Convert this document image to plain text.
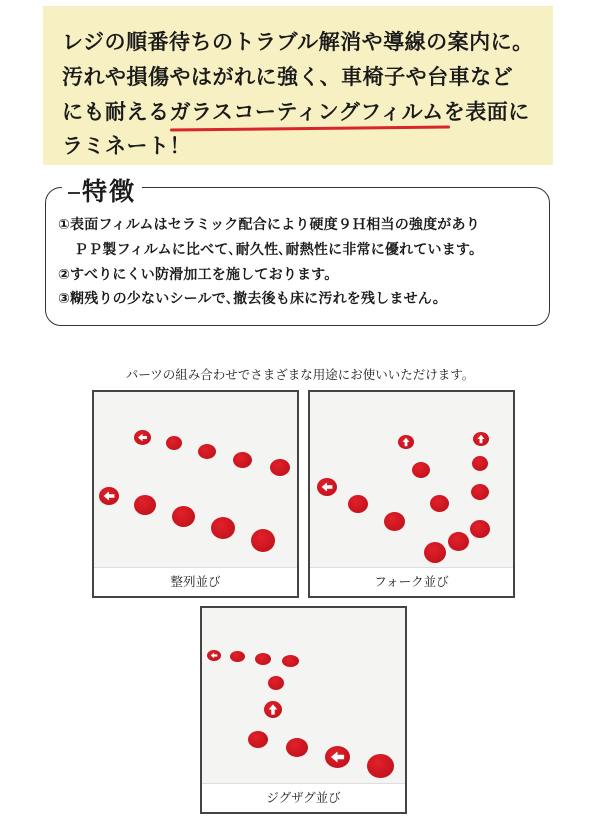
レジの順番待ちのトラブル解消や導線の案内に。

汚れや損傷やはがれに強く、車椅子や台車など

にも耐えるガラスコーティングフィルム
を表面に

ラミネート！

特徴
①表面フィルムはセラミック配合により硬度９Ｈ相当の強度があり
ＰＰ製フィルムに比べて､耐久性､耐熱性に非常に優れています。
②すべりにくい防滑加工を施しております。
③糊残りの少ないシールで､撤去後も床に汚れを残しません。
パーツの組み合わせでさまざまな用途にお使いいただけます。
整列並び	フォーク並び
ジグザグ並び
